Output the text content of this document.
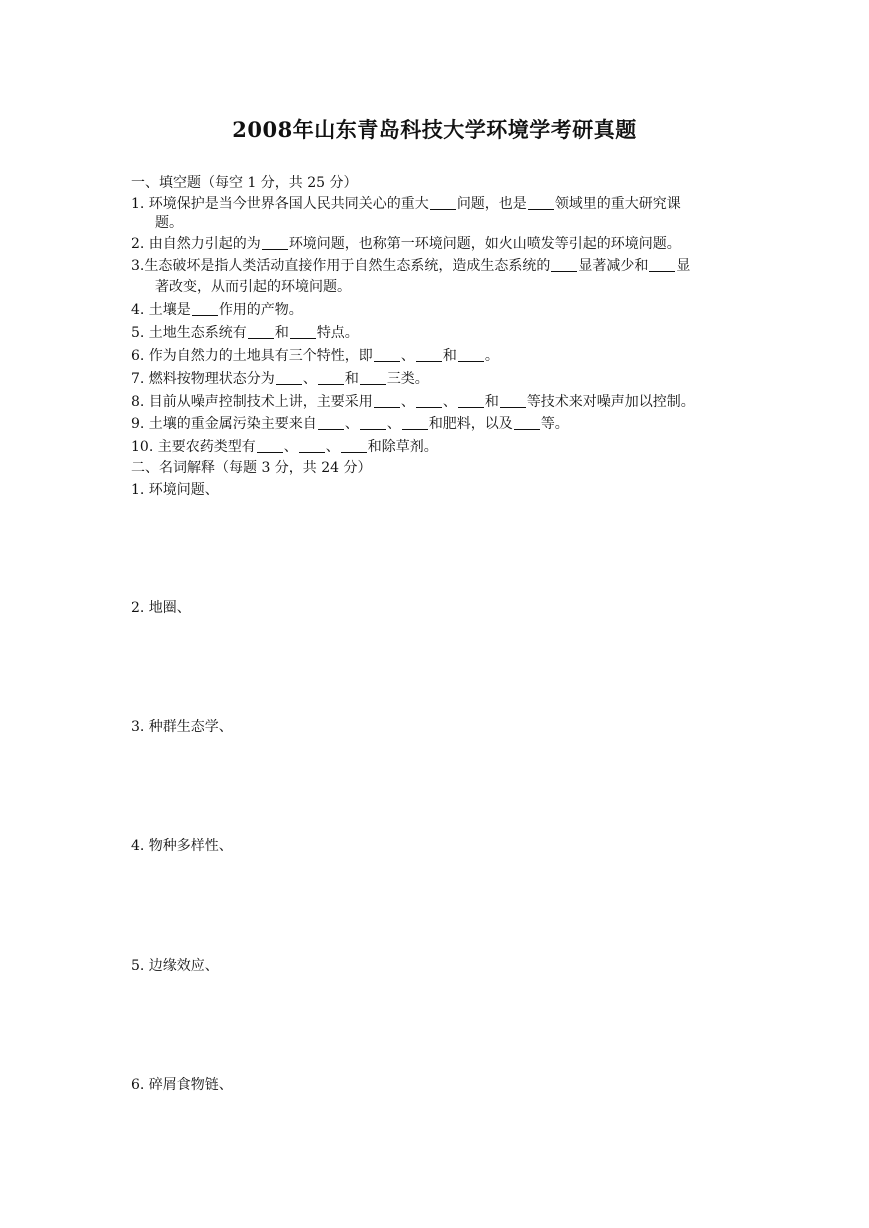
2008年山东青岛科技大学环境学考研真题
一、填空题（每空 1 分，共 25 分）
1. 环境保护是当今世界各国人民共同关心的重大 问题，也是 领域里的重大研究课
题。
2. 由自然力引起的为 环境问题，也称第一环境问题，如火山喷发等引起的环境问题。
3.生态破坏是指人类活动直接作用于自然生态系统，造成生态系统的 显著减少和 显
著改变，从而引起的环境问题。
4. 土壤是 作用的产物。
5. 土地生态系统有 和 特点。
6. 作为自然力的土地具有三个特性，即 、 和 。
7. 燃料按物理状态分为 、 和 三类。
8. 目前从噪声控制技术上讲，主要采用 、 、 和 等技术来对噪声加以控制。
9. 土壤的重金属污染主要来自 、 、 和肥料，以及 等。
10. 主要农药类型有 、 、 和除草剂。
二、名词解释（每题 3 分，共 24 分）
1. 环境问题、
2. 地圈、
3. 种群生态学、
4. 物种多样性、
5. 边缘效应、
6. 碎屑食物链、
